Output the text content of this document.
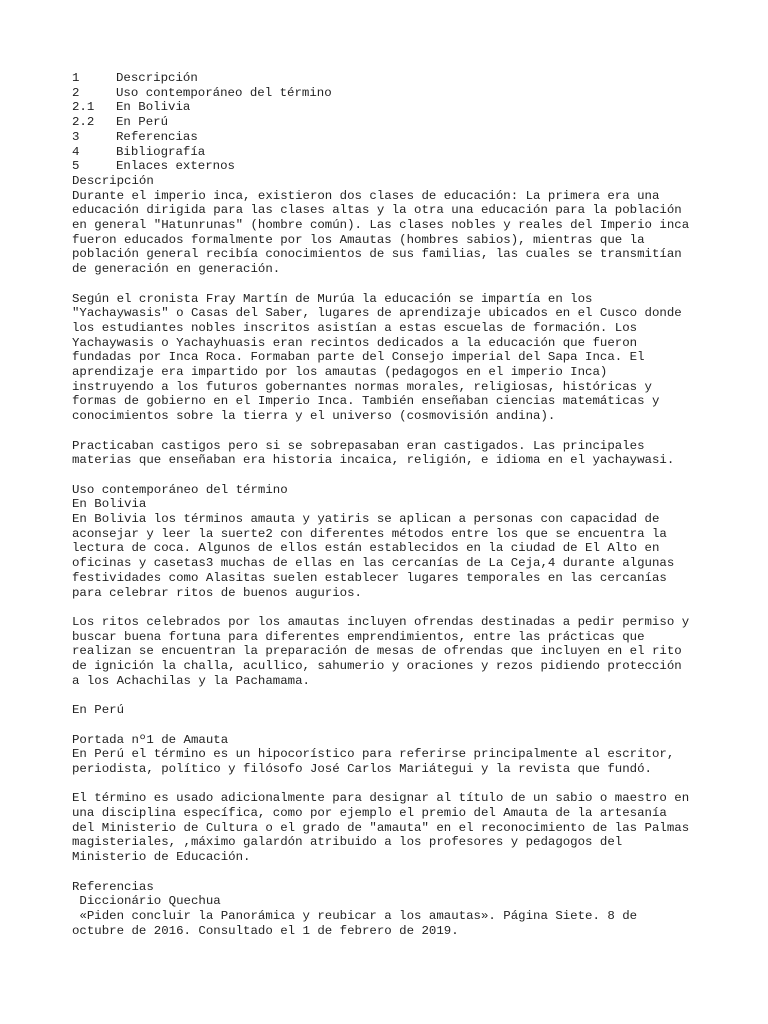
1	Descripción
2	Uso contemporáneo del término
2.1	En Bolivia
2.2	En Perú
3	Referencias
4	Bibliografía
5	Enlaces externos
Descripción
Durante el imperio inca, existieron dos clases de educación: La primera era una
educación dirigida para las clases altas y la otra una educación para la población
en general "Hatunrunas" (hombre común). Las clases nobles y reales del Imperio inca
fueron educados formalmente por los Amautas (hombres sabios), mientras que la
población general recibía conocimientos de sus familias, las cuales se transmitían
de generación en generación.
Según el cronista Fray Martín de Murúa la educación se impartía en los
"Yachaywasis" o Casas del Saber, lugares de aprendizaje ubicados en el Cusco donde
los estudiantes nobles inscritos asistían a estas escuelas de formación. Los
Yachaywasis o Yachayhuasis eran recintos dedicados a la educación que fueron
fundadas por Inca Roca. Formaban parte del Consejo imperial del Sapa Inca. El
aprendizaje era impartido por los amautas (pedagogos en el imperio Inca)
instruyendo a los futuros gobernantes normas morales, religiosas, históricas y
formas de gobierno en el Imperio Inca. También enseñaban ciencias matemáticas y
conocimientos sobre la tierra y el universo (cosmovisión andina).
Practicaban castigos pero si se sobrepasaban eran castigados. Las principales
materias que enseñaban era historia incaica, religión, e idioma en el yachaywasi.
Uso contemporáneo del término
En Bolivia
En Bolivia los términos amauta y yatiris se aplican a personas con capacidad de
aconsejar y leer la suerte2 con diferentes métodos entre los que se encuentra la
lectura de coca. Algunos de ellos están establecidos en la ciudad de El Alto en
oficinas y casetas3 muchas de ellas en las cercanías de La Ceja,4 durante algunas
festividades como Alasitas suelen establecer lugares temporales en las cercanías
para celebrar ritos de buenos augurios.
Los ritos celebrados por los amautas incluyen ofrendas destinadas a pedir permiso y
buscar buena fortuna para diferentes emprendimientos, entre las prácticas que
realizan se encuentran la preparación de mesas de ofrendas que incluyen en el rito
de ignición la challa, acullico, sahumerio y oraciones y rezos pidiendo protección
a los Achachilas y la Pachamama.
En Perú
Portada nº1 de Amauta
En Perú el término es un hipocorístico para referirse principalmente al escritor,
periodista, político y filósofo José Carlos Mariátegui y la revista que fundó.
El término es usado adicionalmente para designar al título de un sabio o maestro en
una disciplina específica, como por ejemplo el premio del Amauta de la artesanía
del Ministerio de Cultura o el grado de "amauta" en el reconocimiento de las Palmas
magisteriales, ,máximo galardón atribuido a los profesores y pedagogos del
Ministerio de Educación.
Referencias
Diccionário Quechua
«Piden concluir la Panorámica y reubicar a los amautas». Página Siete. 8 de
octubre de 2016. Consultado el 1 de febrero de 2019.
